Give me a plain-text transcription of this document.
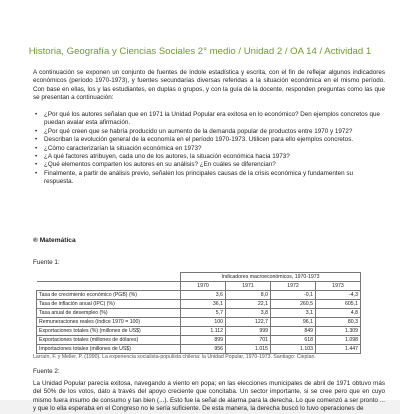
Historia, Geografía y Ciencias Sociales 2° medio / Unidad 2 / OA 14 / Actividad 1
A continuación se exponen un conjunto de fuentes de índole estadística y escrita, con el fin de reflejar algunos indicadores económicos (período 1970-1973), y fuentes secundarias diversas referidas a la situación económica en el mismo período. Con base en ellas, los y las estudiantes, en duplas o grupos, y con la guía de la docente, responden preguntas como las que se presentan a continuación:
• ¿Por qué los autores señalan que en 1971 la Unidad Popular era exitosa en lo económico? Den ejemplos concretos que puedan avalar esta afirmación.
• ¿Por qué creen que se habría producido un aumento de la demanda popular de productos entre 1970 y 1972?
• Describan la evolución general de la economía en el período 1970-1973. Utilicen para ello ejemplos concretos.
• ¿Cómo caracterizarían la situación económica en 1973?
• ¿A qué factores atribuyen, cada uno de los autores, la situación económica hacia 1973?
• ¿Qué elementos comparten los autores en su análisis? ¿En cuáles se diferencian?
• Finalmente, a partir de análisis previo, señalen los principales causas de la crisis económica y fundamenten su respuesta.
® Matemática
Fuente 1:
	Indicadores macroeconómicos, 1970-1973			
	1970	1971	1972	1973
Tasa de crecimiento económico (PGB) (%)	3,6	8,0	-0,1	-4,3
Tasa de inflación anual (IPC) (%)	36,1	22,1	260,5	605,1
Tasa anual de desempleo (%)	5,7	3,8	3,1	4,8
Remuneraciones reales (índice 1970 = 100)	100	122,7	96,1	80,3
Exportaciones totales (%) (millones de US$)	1.112	999	849	1.309
Exportaciones totales (millones de dólares)	899	701	618	1.098
Importaciones totales (millones de US$)	956	1.015	1.103	1.447
Larraín, F. y Meller, P. (1990). La experiencia socialista-populista chilena: la Unidad Popular, 1970-1973. Santiago: Cieplan.
Fuente 2:
La Unidad Popular parecía exitosa, navegando a viento en popa; en las elecciones municipales de abril de 1971 obtuvo más del 50% de los votos, dato a través del apoyo creciente que concitaba. Un sector importante, si se cree pero que en cuyo mismo fuera insumo de consumo y tan bien (...). Esto fue la señal de alarma para la derecha. Lo que comenzó a ser pronto ... y que lo ella esperaba en el Congreso no le sería suficiente. De esta manera, la derecha buscó lo tuvo operaciones de
